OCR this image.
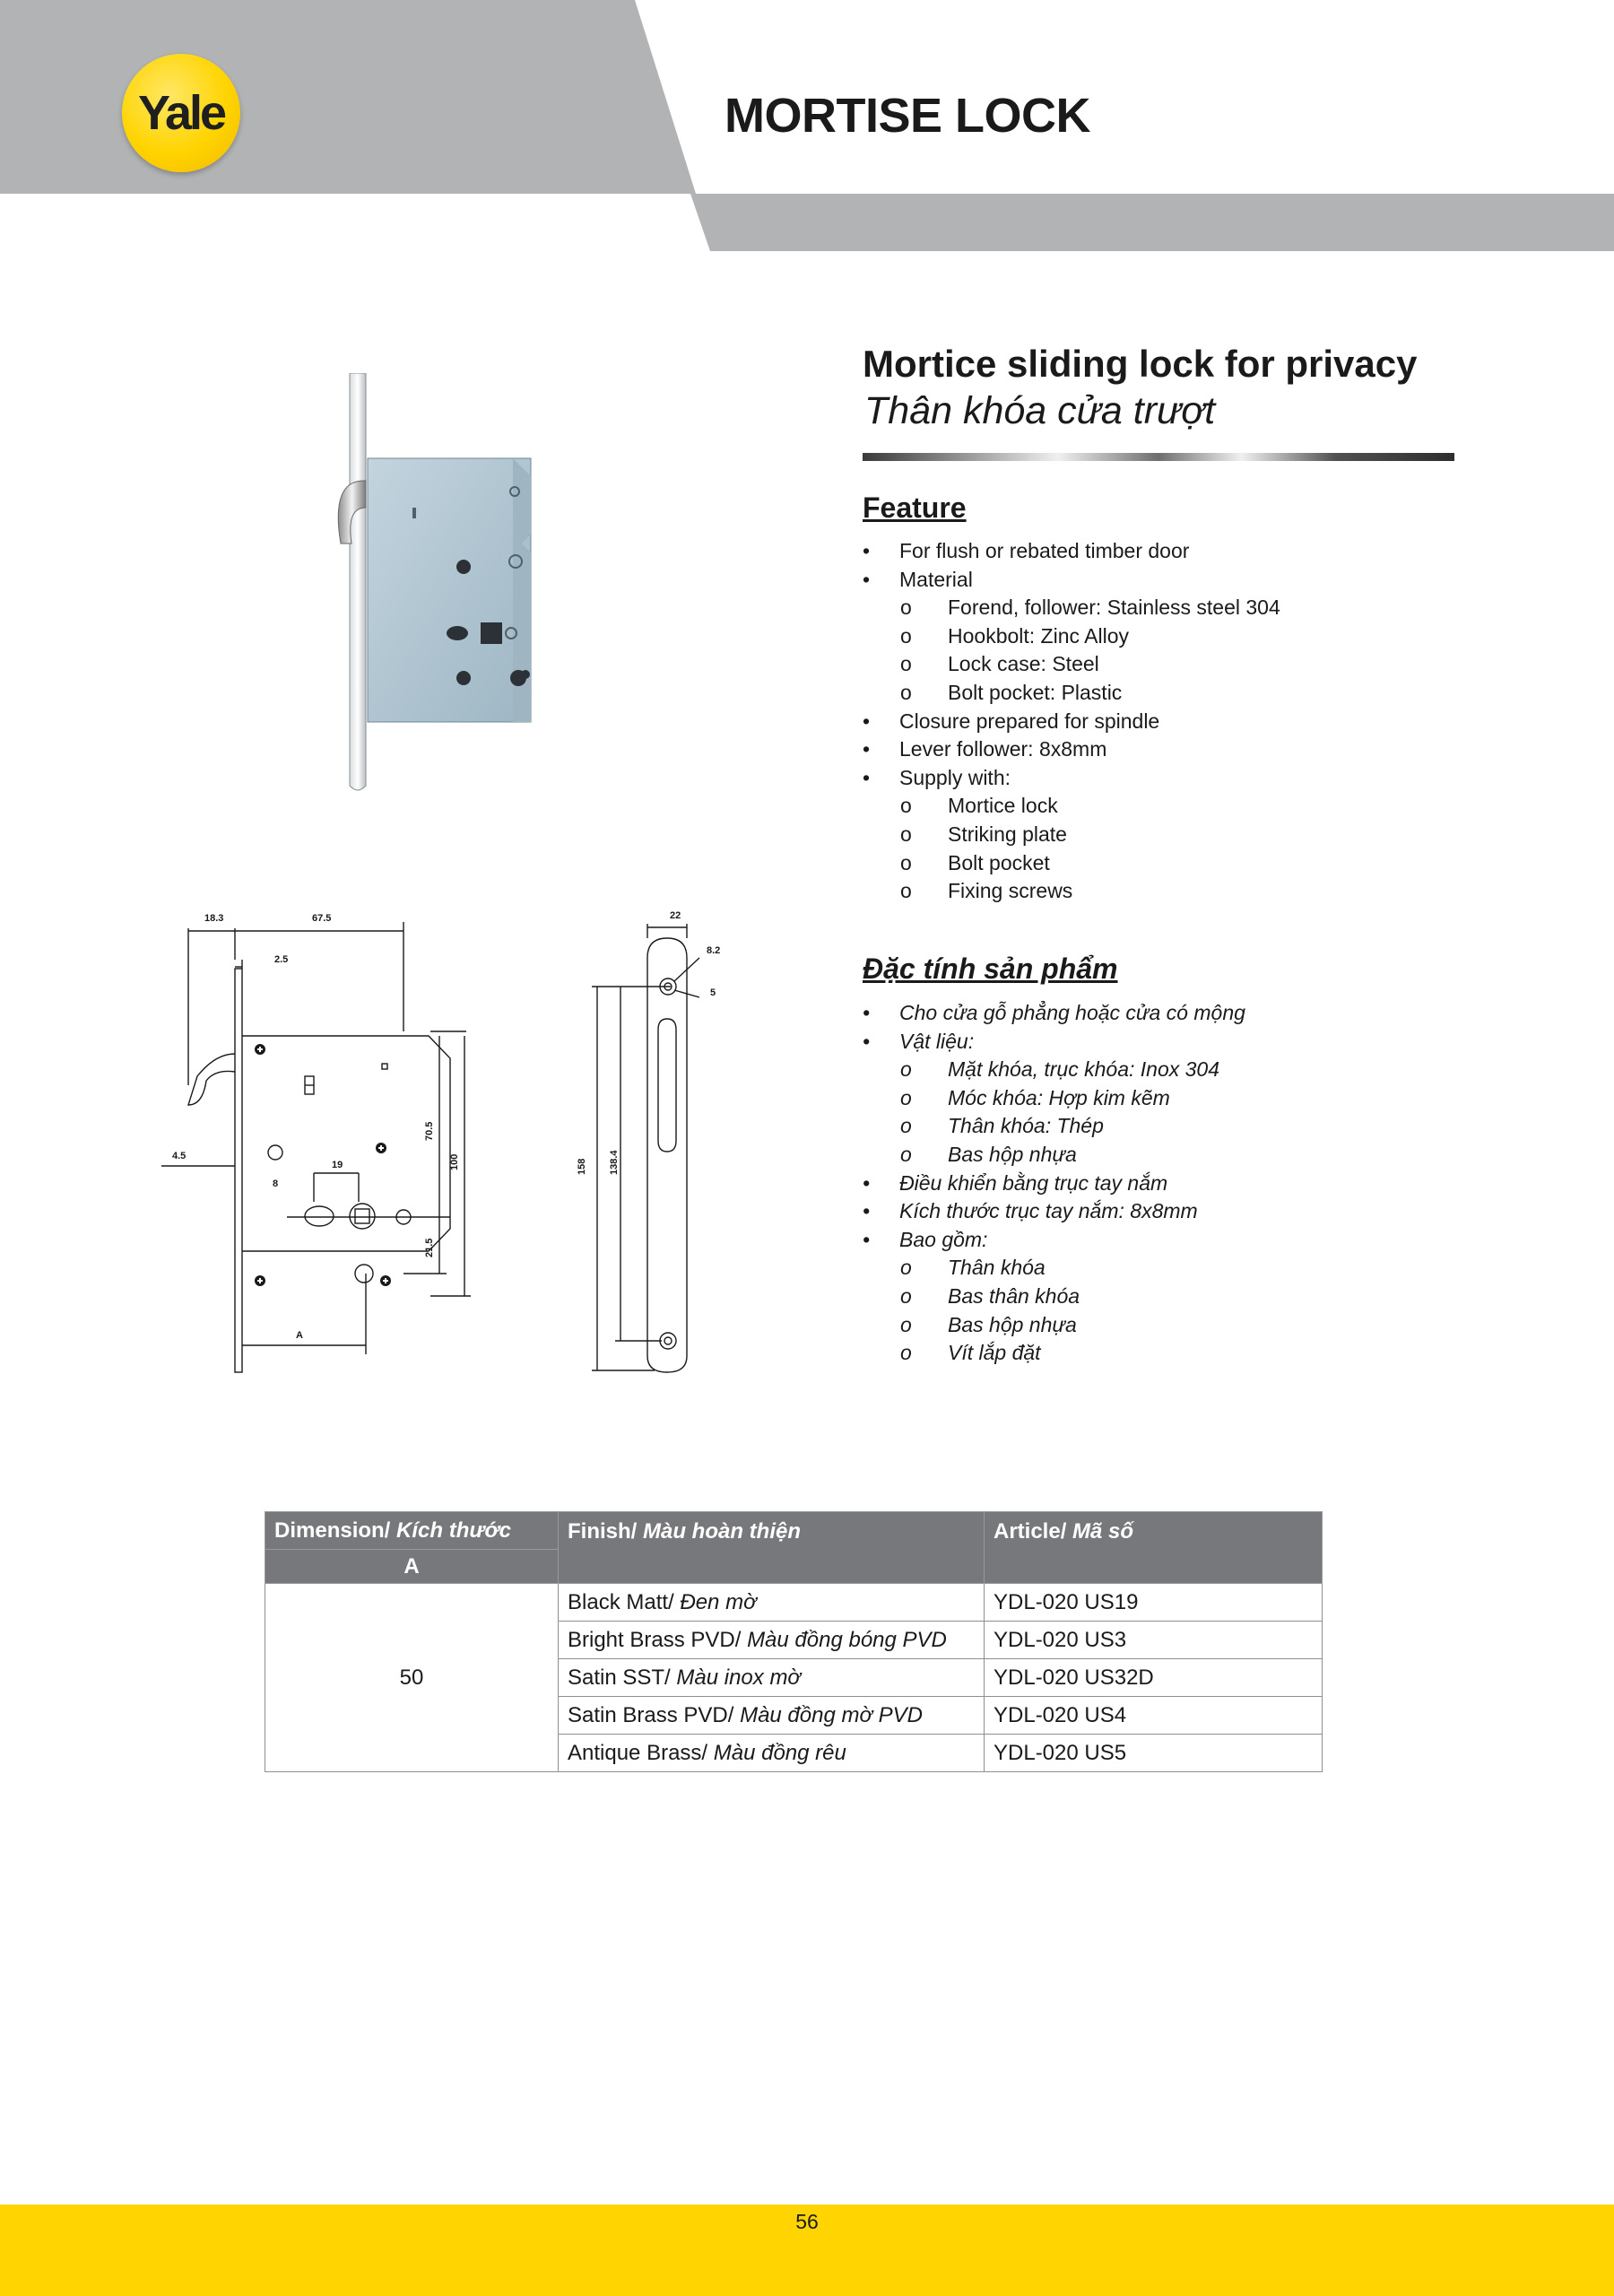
Yale	MORTISE LOCK
18.3	67.5
2.5
4.5
19
8
A
70.5
100
21.5
22
8.2
5
158 138.4
Mortice sliding lock for privacy
Thân khóa cửa trượt
Feature
• For flush or rebated timber door
• Material
o Forend, follower: Stainless steel 304
o Hookbolt: Zinc Alloy
o Lock case: Steel
o Bolt pocket: Plastic
• Closure prepared for spindle
• Lever follower: 8x8mm
• Supply with:
o Mortice lock
o Striking plate
o Bolt pocket
o Fixing screws
Đặc tính sản phẩm
• Cho cửa gỗ phẳng hoặc cửa có mộng
• Vật liệu:
o Mặt khóa, trục khóa: Inox 304
o Móc khóa: Hợp kim kẽm
o Thân khóa: Thép
o Bas hộp nhựa
• Điều khiển bằng trục tay nắm
• Kích thước trục tay nắm: 8x8mm
• Bao gồm:
o Thân khóa
o Bas thân khóa
o Bas hộp nhựa
o Vít lắp đặt
Dimension/ Kích thước	Finish/ Màu hoàn thiện	Article/ Mã số
A		
50	Black Matt/ Đen mờ	YDL-020 US19
	Bright Brass PVD/ Màu đồng bóng PVD	YDL-020 US3
	Satin SST/ Màu inox mờ	YDL-020 US32D
	Satin Brass PVD/ Màu đồng mờ PVD	YDL-020 US4
	Antique Brass/ Màu đồng rêu	YDL-020 US5
56
